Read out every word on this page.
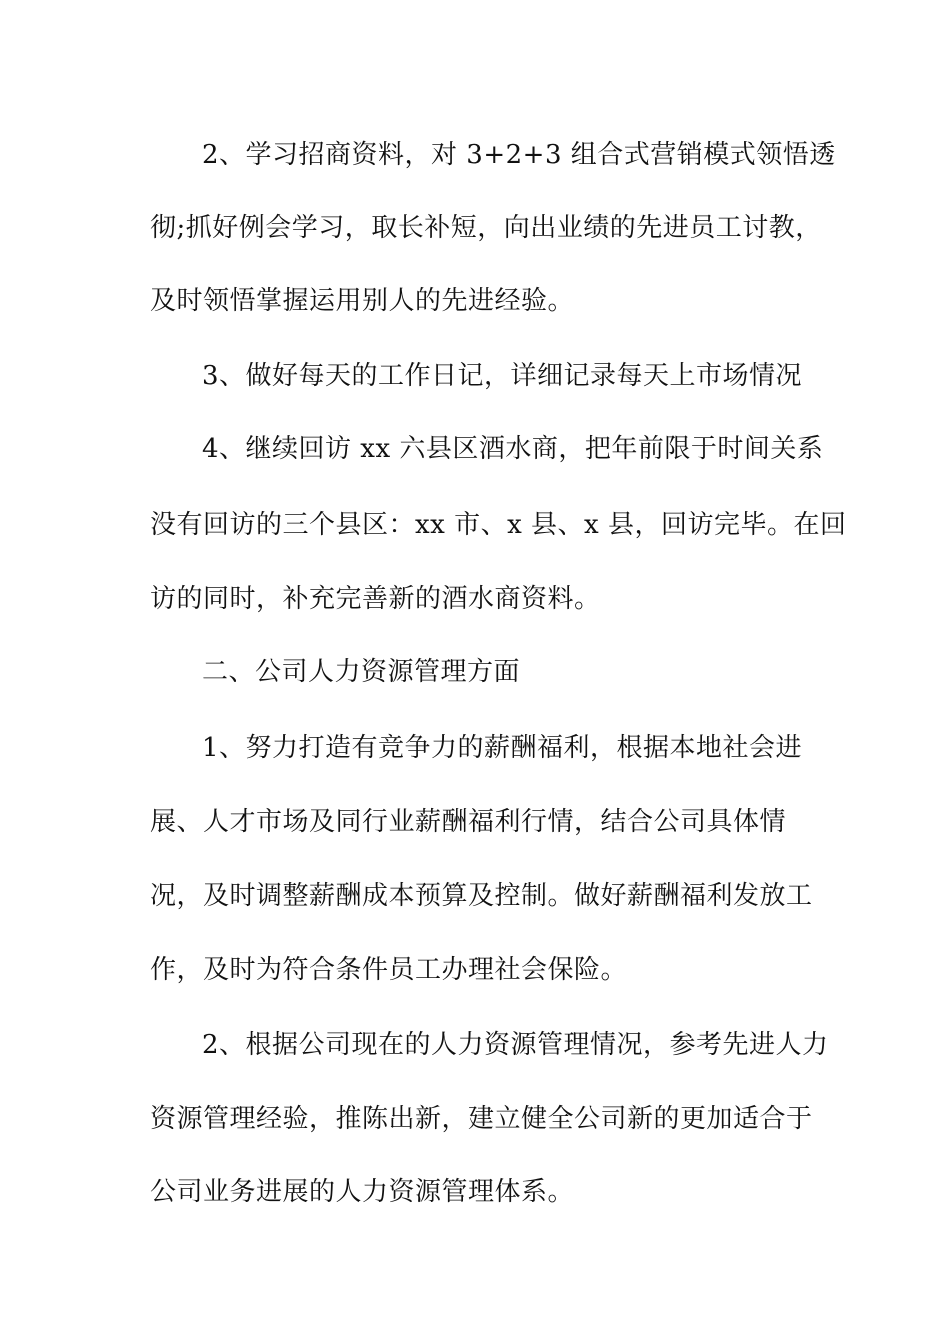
2、学习招商资料，对 3+2+3 组合式营销模式领悟透
彻;抓好例会学习，取长补短，向出业绩的先进员工讨教，
及时领悟掌握运用别人的先进经验。
3、做好每天的工作日记，详细记录每天上市场情况
4、继续回访 xx 六县区酒水商，把年前限于时间关系
没有回访的三个县区：xx 市、x 县、x 县，回访完毕。在回
访的同时，补充完善新的酒水商资料。
二、公司人力资源管理方面
1、努力打造有竞争力的薪酬福利，根据本地社会进
展、人才市场及同行业薪酬福利行情，结合公司具体情
况，及时调整薪酬成本预算及控制。做好薪酬福利发放工
作，及时为符合条件员工办理社会保险。
2、根据公司现在的人力资源管理情况，参考先进人力
资源管理经验，推陈出新，建立健全公司新的更加适合于
公司业务进展的人力资源管理体系。
